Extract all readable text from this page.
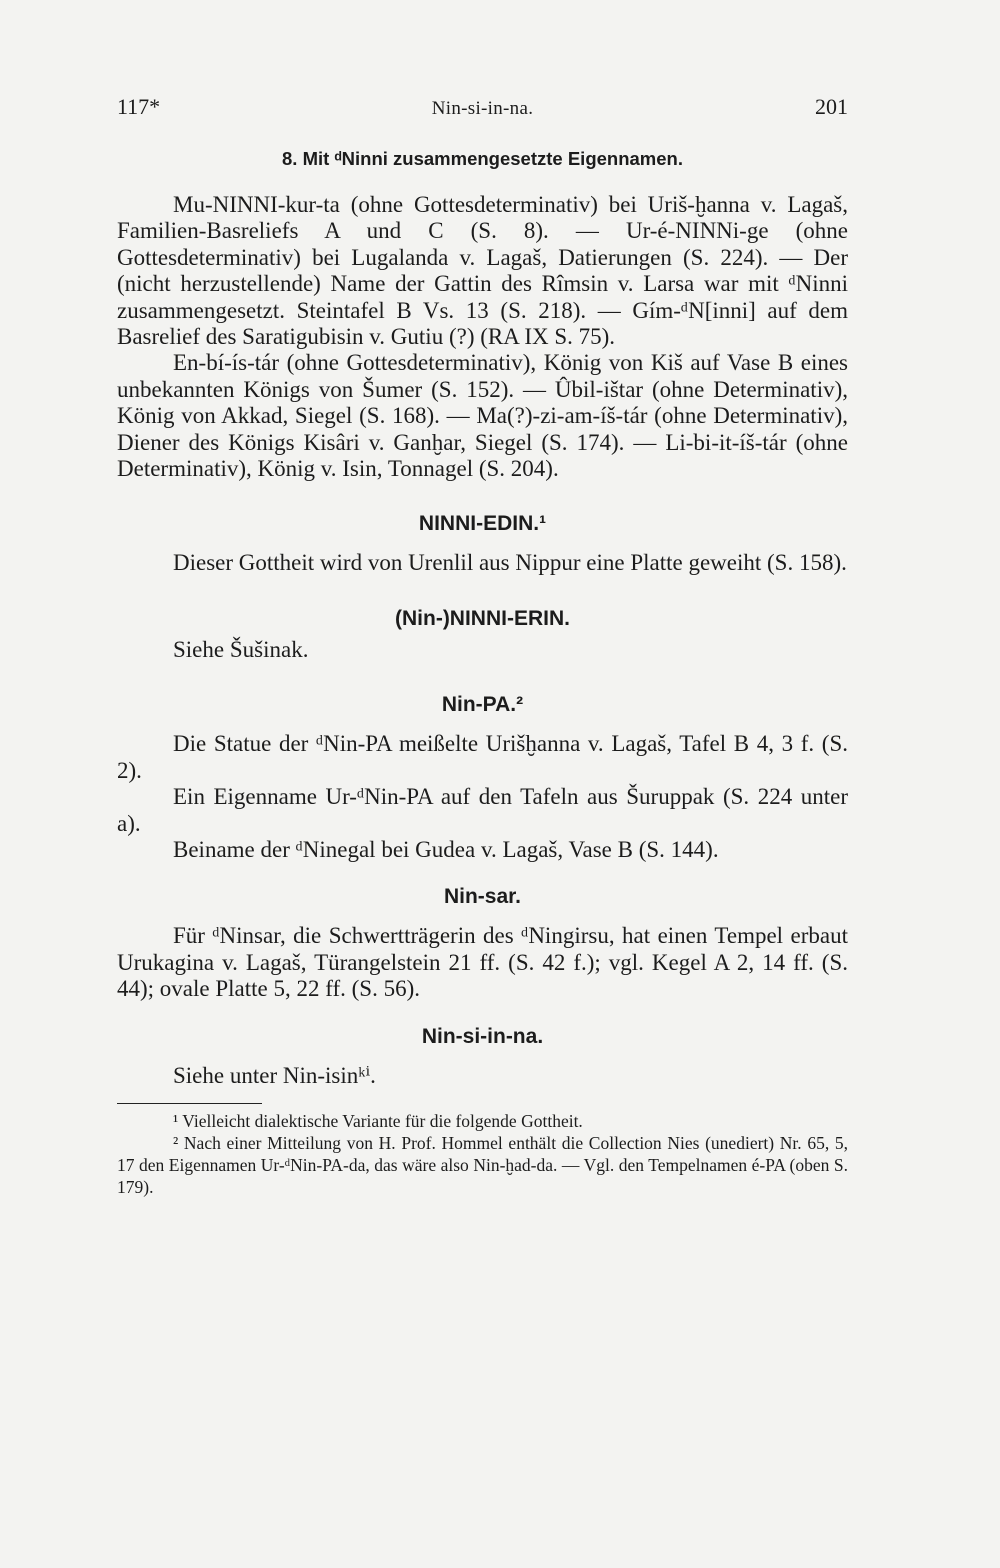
117*	Nin-si-in-na.	201
8. Mit ᵈNinni zusammengesetzte Eigennamen.

Mu-NINNI-kur-ta (ohne Gottesdeterminativ) bei Uriš-ḫanna v. Lagaš, Familien-Basreliefs A und C (S. 8). — Ur-é-NINNi-ge (ohne Gottesdeterminativ) bei Lugalanda v. Lagaš, Datierungen (S. 224). — Der (nicht herzustellende) Name der Gattin des Rîmsin v. Larsa war mit ᵈNinni zusammengesetzt. Steintafel B Vs. 13 (S. 218). — Gím-ᵈN[inni] auf dem Basrelief des Saratigubisin v. Gutiu (?) (RA IX S. 75).

En-bí-ís-tár (ohne Gottesdeterminativ), König von Kiš auf Vase B eines unbekannten Königs von Šumer (S. 152). — Ûbil-ištar (ohne Determinativ), König von Akkad, Siegel (S. 168). — Ma(?)-zi-am-íš-tár (ohne Determinativ), Diener des Königs Kisâri v. Ganḫar, Siegel (S. 174). — Li-bi-it-íš-tár (ohne Determinativ), König v. Isin, Tonnagel (S. 204).

NINNI-EDIN.¹

Dieser Gottheit wird von Urenlil aus Nippur eine Platte geweiht (S. 158).

(Nin-)NINNI-ERIN.

Siehe Šušinak.

Nin-PA.²

Die Statue der ᵈNin-PA meißelte Urišḫanna v. Lagaš, Tafel B 4, 3 f. (S. 2).

Ein Eigenname Ur-ᵈNin-PA auf den Tafeln aus Šuruppak (S. 224 unter a).

Beiname der ᵈNinegal bei Gudea v. Lagaš, Vase B (S. 144).

Nin-sar.

Für ᵈNinsar, die Schwertträgerin des ᵈNingirsu, hat einen Tempel erbaut Urukagina v. Lagaš, Türangelstein 21 ff. (S. 42 f.); vgl. Kegel A 2, 14 ff. (S. 44); ovale Platte 5, 22 ff. (S. 56).

Nin-si-in-na.

Siehe unter Nin-isinᵏⁱ.

¹ Vielleicht dialektische Variante für die folgende Gottheit.

² Nach einer Mitteilung von H. Prof. Hommel enthält die Collection Nies (unediert) Nr. 65, 5, 17 den Eigennamen Ur-ᵈNin-PA-da, das wäre also Nin-ḫad-da. — Vgl. den Tempelnamen é-PA (oben S. 179).
